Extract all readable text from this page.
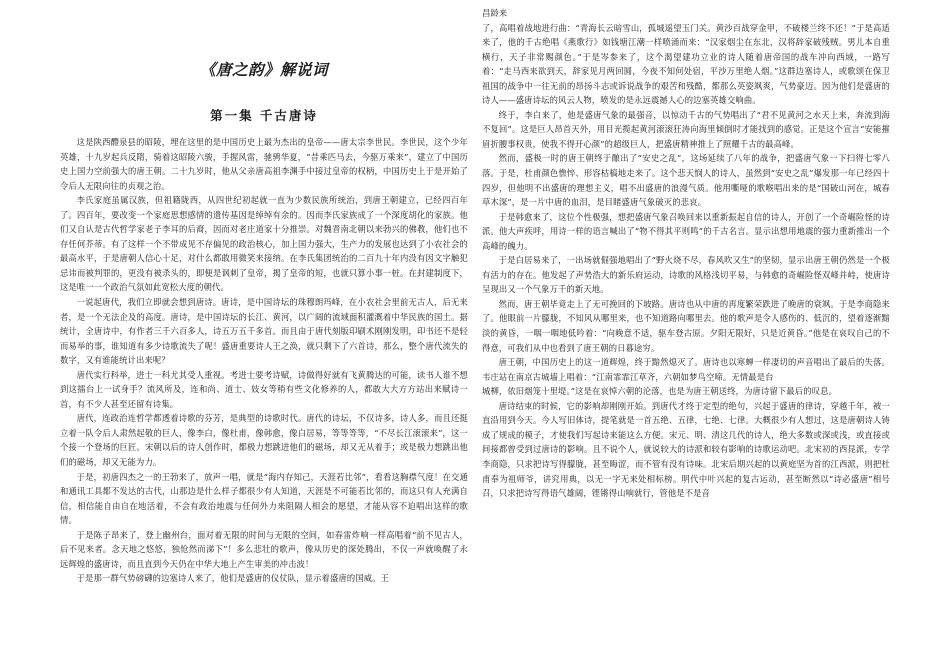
《唐之韵》解说词
第一集 千古唐诗

这是陕西醴泉县的昭陵，埋在这里的是中国历史上最为杰出的皇帝——唐太宗李世民。李世民，这个少年英雄，十九岁起兵反隋，骑着这昭陵六骏，手握风雷，驰骋华夏，“昔乘匹马去，今驱万乘来”，建立了中国历史上国力空前强大的唐王朝。二十九岁时，他从父亲唐高祖李渊手中接过皇帝的权柄，中国历史上于是开始了令后人无限向往的贞观之治。

李氏家庭虽属汉族，但祖籍陇西，从四世纪初起就一直为少数民族所统治，到唐王朝建立，已经四百年了。四百年，要改变一个家庭思想感情的遗传基因是绰绰有余的。因而李氏家族成了一个深度胡化的家族。他们又自认是古代哲学家老子李耳的后裔，因而对老庄道家十分推崇。对魏晋南北朝以来勃兴的佛教，他们也不存任何芥蒂。有了这样一个不带成见不存偏见的政治核心，加上国力强大，生产力的发展也达到了小农社会的最高水平，于是唐朝人信心十足，对什么都敢用微笑来接纳。在李氏集团统治的二百九十年内没有因文字触犯忌讳而被判罪的，更没有被杀头的，即便是讽刺了皇帝，揭了皇帝的短，也就只算小事一桩。在封建制度下，这是唯一一个政治气氛如此宽松大度的朝代。

一说起唐代，我们立即就会想到唐诗。唐诗，是中国诗坛的珠穆朗玛峰，在小农社会里前无古人，后无来者，是一个无法企及的高度。唐诗，是中国诗坛的长江、黄河，以广阔的流域面积灌溉着中华民族的国土。据统计，全唐诗中，有作者三千六百多人，诗五万五千多首。而且由于唐代刻版印刷术刚刚发明，印书还不是轻而易举的事，谁知道有多少诗歌流失了呢！盛唐重要诗人王之涣，就只剩下了六首诗，那么，整个唐代流失的数字，又有谁能统计出来呢？

唐代实行科举，进士一科尤其受人重视。考进士要考诗赋，诗做得好就有飞黄腾达的可能，读书人谁不想到这擂台上一试身手？流风所及，连和尚、道士、妓女等稍有些文化修养的人，都敢大大方方站出来赋诗一首，有不少人甚至还留有诗集。

唐代，连政治连哲学都透着诗歌的芬芳，是典型的诗歌时代。唐代的诗坛，不仅诗多，诗人多，而且还挺立着一队令后人肃然起敬的巨人，像李白，像杜甫，像韩愈，像白居易，等等等等，“不尽长江滚滚来”，这一个接一个登场的巨匠。宋朝以后的诗人创作时，都极力想跳进他们的磁场，却又无从着手；或是极力想跳出他们的磁场，却又无能为力。

于是，初唐四杰之一的王勃来了，放声一唱，就是“海内存知己，天涯若比邻”，看看这胸襟气度！在交通和通讯工具都不发达的古代，山那边是什么样子都很少有人知道，天涯是不可能若比邻的，而这只有人充满自信，相信能自由自在地活着，不会有政治地震与任何外力来阻隔人相会的愿望，才能从容不迫唱出这样的歌情。

于是陈子昂来了，登上幽州台，面对着无限的时间与无限的空间，如春雷炸响一样高唱着“前不见古人，后不见来者。念天地之悠悠，独怆然而涕下”！多么悲壮的歌声，像从历史的深处腾出，不仅一声就唤醒了永远辉煌的盛唐诗，而且直到今天仍在中华大地上产生审美的冲击波！

于是那一群气势磅礴的边塞诗人来了，他们是盛唐的仪仗队，显示着盛唐的国威。王

昌龄来

了，高唱着战地进行曲：“青海长云暗雪山，孤城遥望玉门关。黄沙百战穿金甲，不破楼兰终不还！”于是高适来了，他的千古绝唱《燕歌行》如钱塘江潮一样喷涌而来：“汉家烟尘在东北，汉将辞家破残贼。男儿本自重横行，天子非常赐颜色。”于是岑参来了，这个渴望建功立业的诗人随着唐帝国的战车冲向西域，一路写着：“走马西来欲到天，辞家见月两回圆，今夜不知何处宿，平沙万里绝人烟。”这群边塞诗人，或歌颂在保卫祖国的战争中一往无前的昂扬斗志或诉说战争的艰苦和残酷，都那么英姿飒爽，气势豪迈。因为他们是盛唐的诗人——盛唐诗坛的风云人物，喷发的是永远震撼人心的边塞英雄交响曲。

终于，李白来了，他是盛唐气象的最强音，以惊动千古的气势唱出了“君不见黄河之水天上来，奔流到海不复回”。这是巨人昂首天外，用目光揽起黄河滚滚狂涛向海里倾倒时才能找到的感觉。正是这个宣言“安能摧眉折腰事权贵，使我不得开心颜”的超级巨人，把盛唐精神推上了照耀千古的最高峰。

然而，盛极一时的唐王朝终于酿出了“安史之乱”，这场延续了八年的战争，把盛唐气象一下扫得七零八落。于是，杜甫颜色憔悴、形容枯槁地走来了。这个悲天悯人的诗人，虽然到“安史之乱”爆发那一年已经四十四岁，但他明不出盛唐的理想主义，唱不出盛唐的浪漫气质。他用嘶哑的歌喉唱出来的是“国破山河在，城春草木深”，是一片中唐的血泪，是目睹盛唐气象破灭的悲哀。

于是韩愈来了，这位个性极强，想把盛唐气象召唤回来以重新振起自信的诗人，开创了一个奇崛险怪的诗派。他大声疾呼，用诗一样的语言喊出了“物不得其平则鸣”的千古名言。显示出想用地震的强力重新推出一个高峰的魄力。

于是白居易来了，一出场就倔强地唱出了“野火烧不尽，春风吹又生”的坚韧，显示出唐王朝仍然是一个极有活力的存在。他发起了声势浩大的新乐府运动，诗歌的风格浅切平易，与韩愈的奇崛险怪双峰并峙，使唐诗呈现出又一个气象万千的新天地。

然而，唐王朝毕竟走上了无可挽回的下坡路。唐诗也从中唐的再度繁荣跌进了晚唐的衰飒。于是李商隐来了。他眼前一片朦胧，不知风从哪里来，也不知道路向哪里去。他的歌声是令人感伤的、低沉的，望着逐渐黯淡的黄昏，一咽一咽地低吟着：“向晚意不适，驱车登古原。夕阳无限好，只是近黄昏。”他是在哀叹自己的不得意，可我们从中也看到了唐王朝的日暮途穷。

唐王朝，中国历史上的这一道辉煌，终于黯然熄灭了。唐诗也以寒蝉一样凄切的声音唱出了最后的失落。韦庄站在南京古城墙上唱着：“江南霏霏江草齐，六朝如梦鸟空啼。无情最是台

城柳，依旧烟笼十里堤。”这是在哀悼六朝的沦落，也是为唐王朝送终，为唐诗留下最后的叹息。

唐诗结束的时候，它的影响却刚刚开始。到唐代才终于定型的绝句，兴起于盛唐的律诗，穿越千年，被一直沿用到今天。今人写旧体诗，提笔就是一首五绝、五律，七绝、七律。大概很少有人想过，这是唐朝诗人铸成了规成的模子，才使我们写起诗来能这么方便。宋元、明、清这几代的诗人，绝大多数或深或浅，或直接或间接都曾受到过唐诗的影响。且不说个人，就说较大的诗派和较有影响的诗歌运动吧。北宋初的西昆派，专学李商隐，只求把诗写得朦胧，甚至晦涩，而不管有没有诗味。北宋后期兴起的以黄庭坚为首的江西派，则把杜甫奉为祖师爷，讲究用典，以无一字无来处相标榜。明代中叶兴起的复古运动，甚至断然以“诗必盛唐”相号召，只求把诗写得语气雄阔，铿锵得山响就行，管他是不是音
